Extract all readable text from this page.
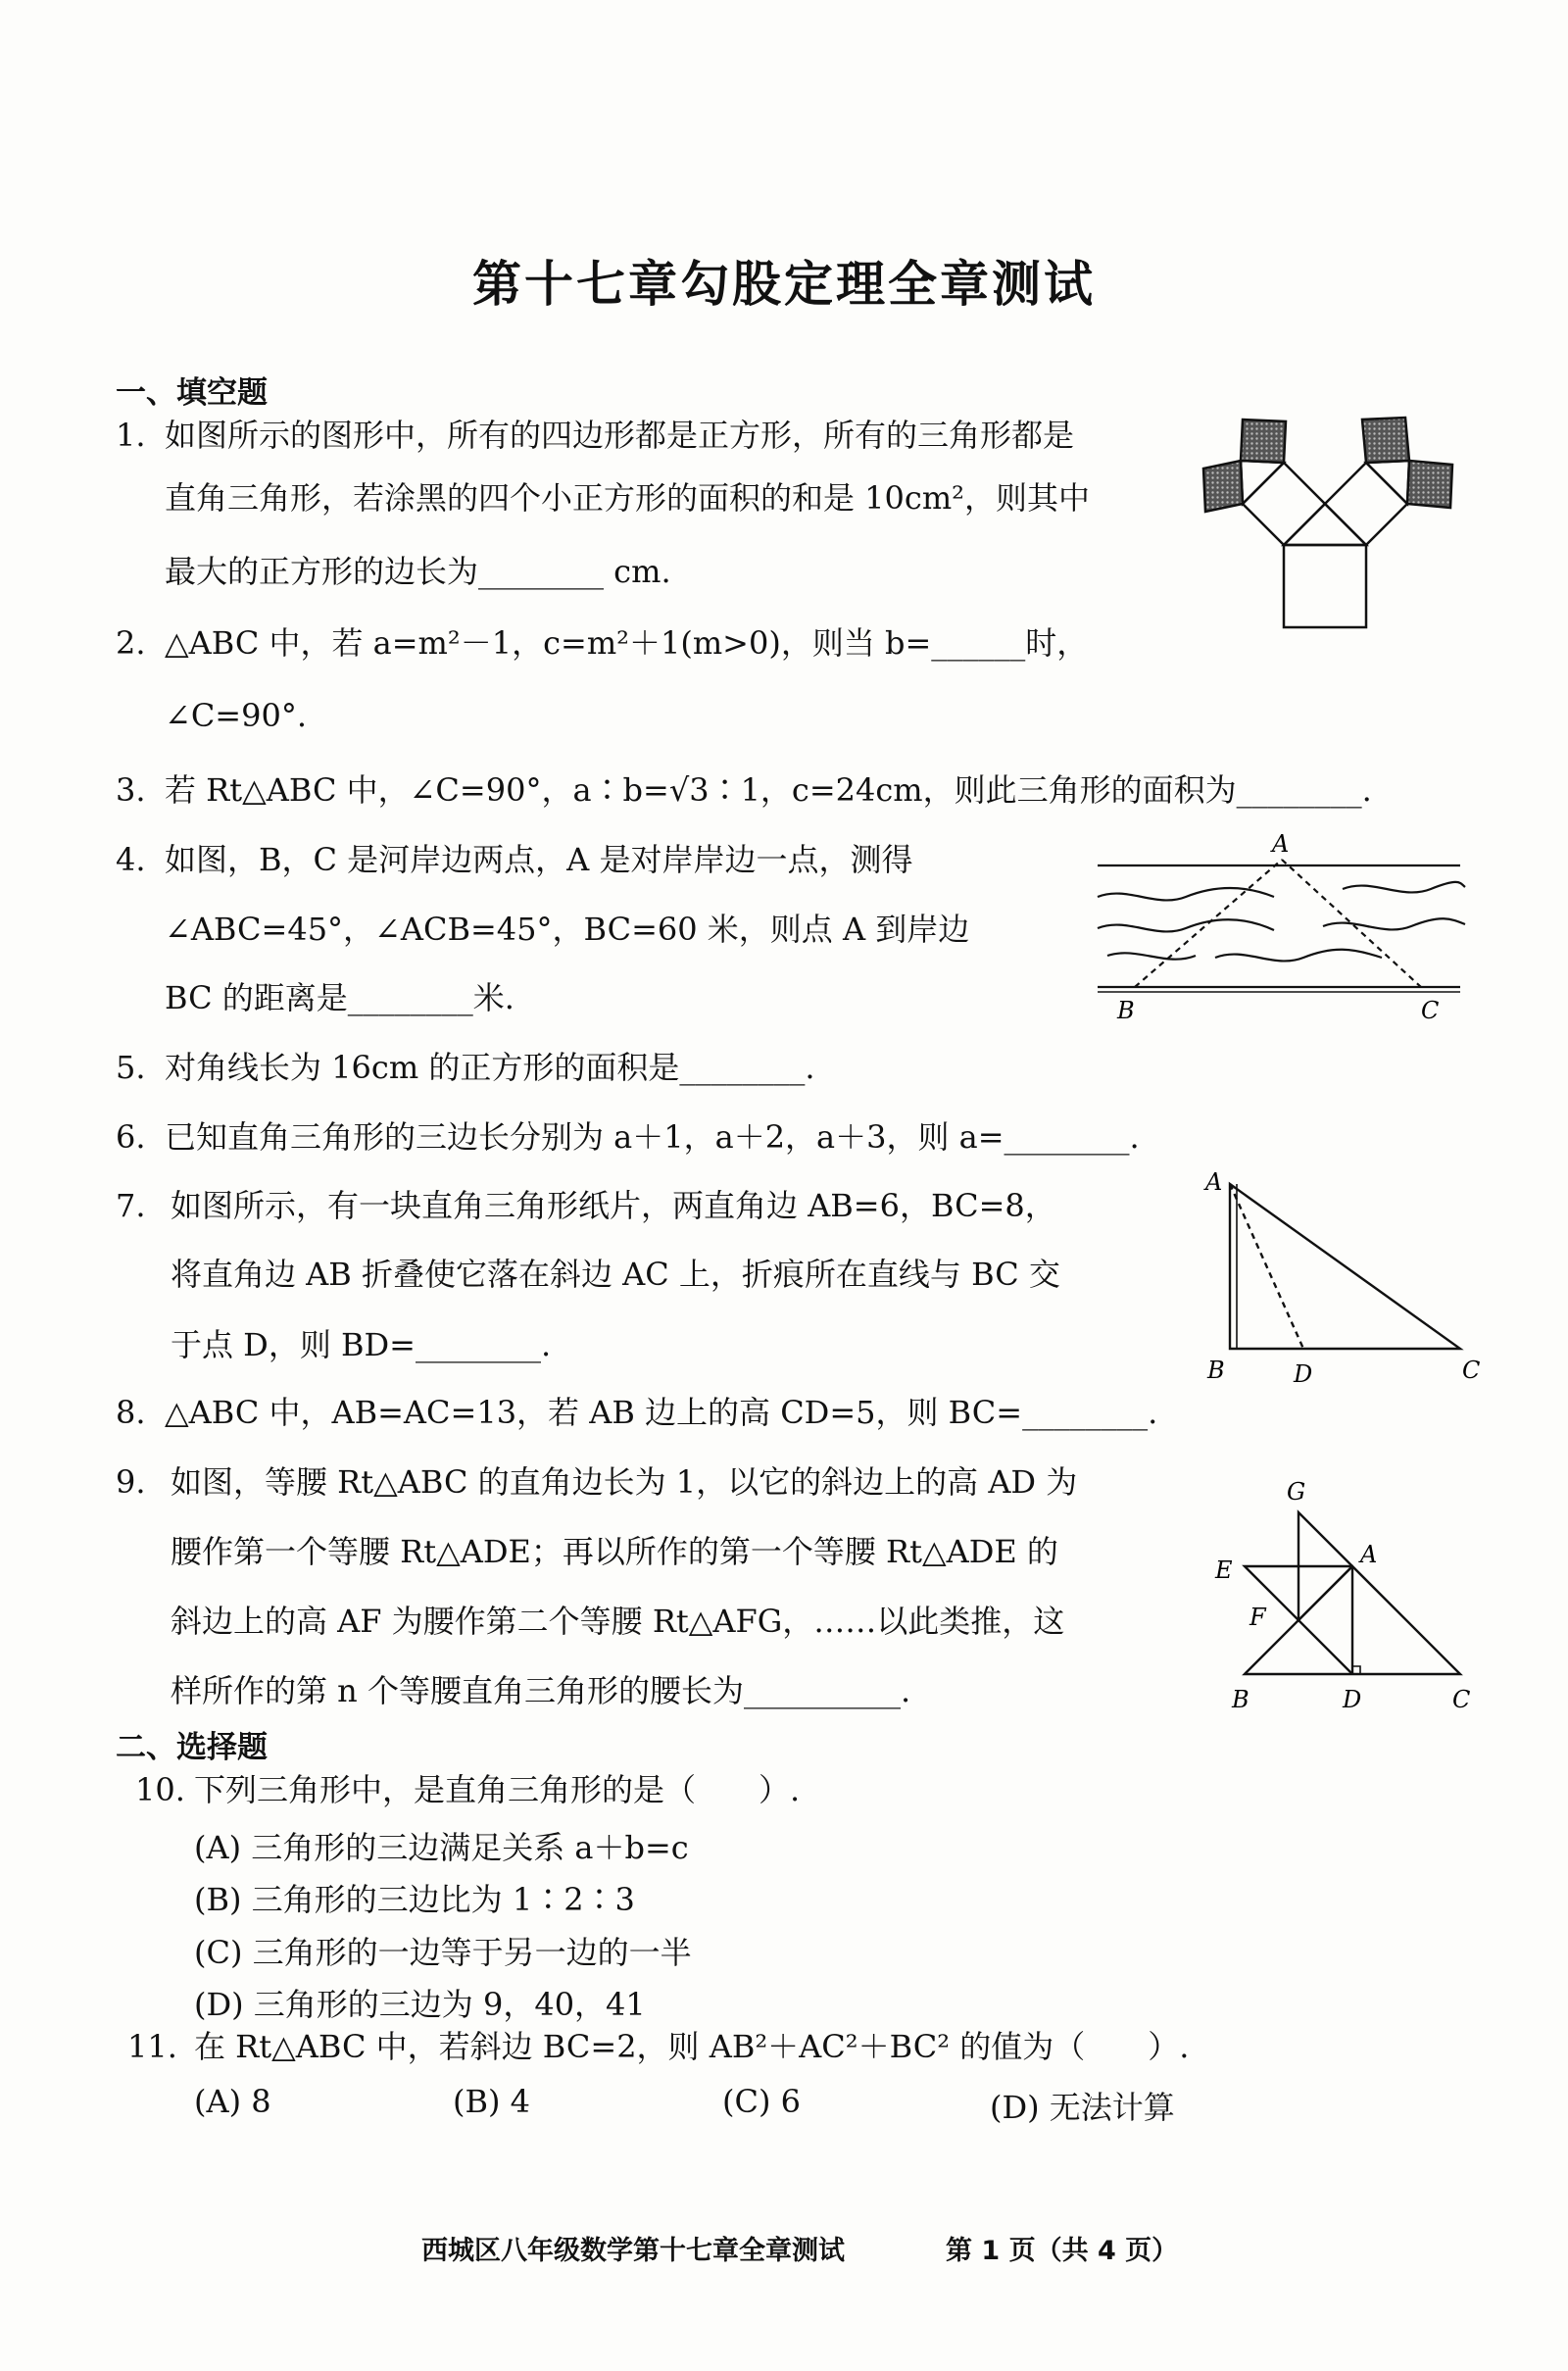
第十七章勾股定理全章测试
一、填空题
1. 如图所示的图形中，所有的四边形都是正方形，所有的三角形都是
直角三角形，若涂黑的四个小正方形的面积的和是 10cm²，则其中
最大的正方形的边长为________ cm.
2. △ABC 中，若 a=m²－1，c=m²＋1(m>0)，则当 b=______时，
∠C=90°.
3. 若 Rt△ABC 中，∠C=90°，a∶b=√3∶1，c=24cm，则此三角形的面积为________.
4. 如图，B，C 是河岸边两点，A 是对岸岸边一点，测得
∠ABC=45°，∠ACB=45°，BC=60 米，则点 A 到岸边
BC 的距离是________米.
A
B	C
5. 对角线长为 16cm 的正方形的面积是________.
6. 已知直角三角形的三边长分别为 a＋1，a＋2，a＋3，则 a=________.
7. 如图所示，有一块直角三角形纸片，两直角边 AB=6，BC=8，
将直角边 AB 折叠使它落在斜边 AC 上，折痕所在直线与 BC 交
于点 D，则 BD=________.
A
B	D	C
8. △ABC 中，AB=AC=13，若 AB 边上的高 CD=5，则 BC=________.
9. 如图，等腰 Rt△ABC 的直角边长为 1，以它的斜边上的高 AD 为
腰作第一个等腰 Rt△ADE；再以所作的第一个等腰 Rt△ADE 的
斜边上的高 AF 为腰作第二个等腰 Rt△AFG，……以此类推，这
样所作的第 n 个等腰直角三角形的腰长为__________.
G
A
E
F
B	D	C
二、选择题
10. 下列三角形中，是直角三角形的是（　　）.
(A) 三角形的三边满足关系 a＋b=c
(B) 三角形的三边比为 1∶2∶3
(C) 三角形的一边等于另一边的一半
(D) 三角形的三边为 9，40，41
11. 在 Rt△ABC 中，若斜边 BC=2，则 AB²＋AC²＋BC² 的值为（　　）.
(A) 8	(B) 4	(C) 6	(D) 无法计算
西城区八年级数学第十七章全章测试	第 1 页（共 4 页）
